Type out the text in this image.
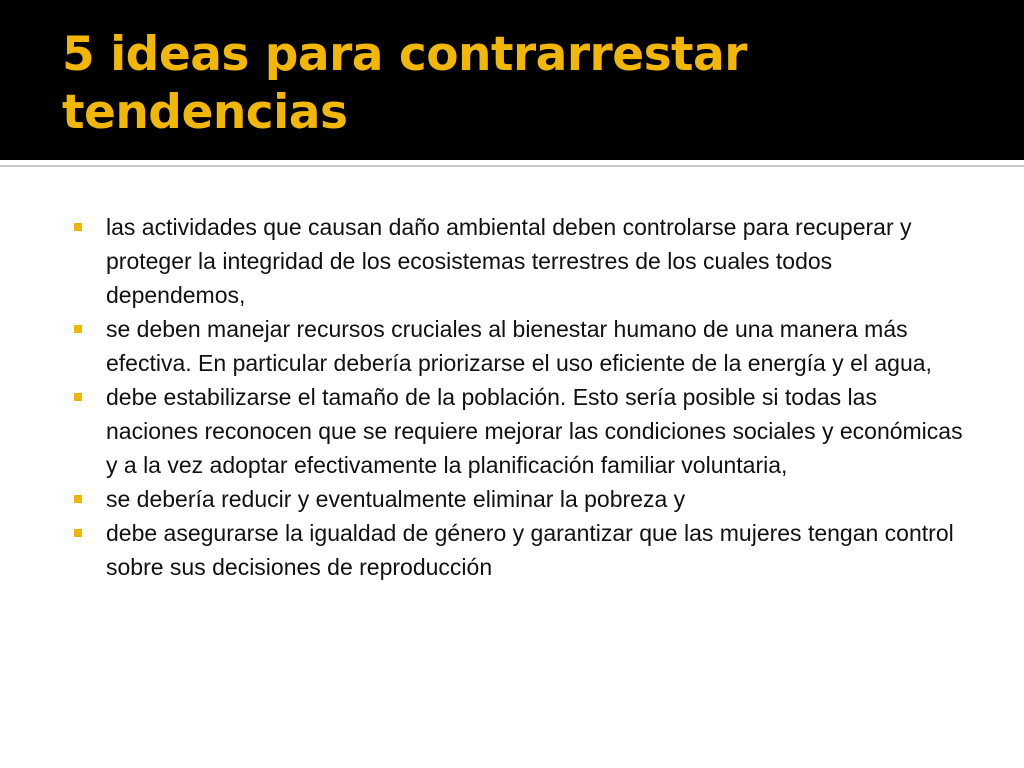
5 ideas para contrarrestar tendencias
las actividades que causan daño ambiental deben controlarse para recuperar y proteger la integridad de los ecosistemas terrestres de los cuales todos dependemos,
se deben manejar recursos cruciales al bienestar humano de una manera más efectiva. En particular debería priorizarse el uso eficiente de la energía y el agua,
debe estabilizarse el tamaño de la población. Esto sería posible si todas las naciones reconocen que se requiere mejorar las condiciones sociales y económicas y a la vez adoptar efectivamente la planificación familiar voluntaria,
se debería reducir y eventualmente eliminar la pobreza y
debe asegurarse la igualdad de género y garantizar que las mujeres tengan control sobre sus decisiones de reproducción
